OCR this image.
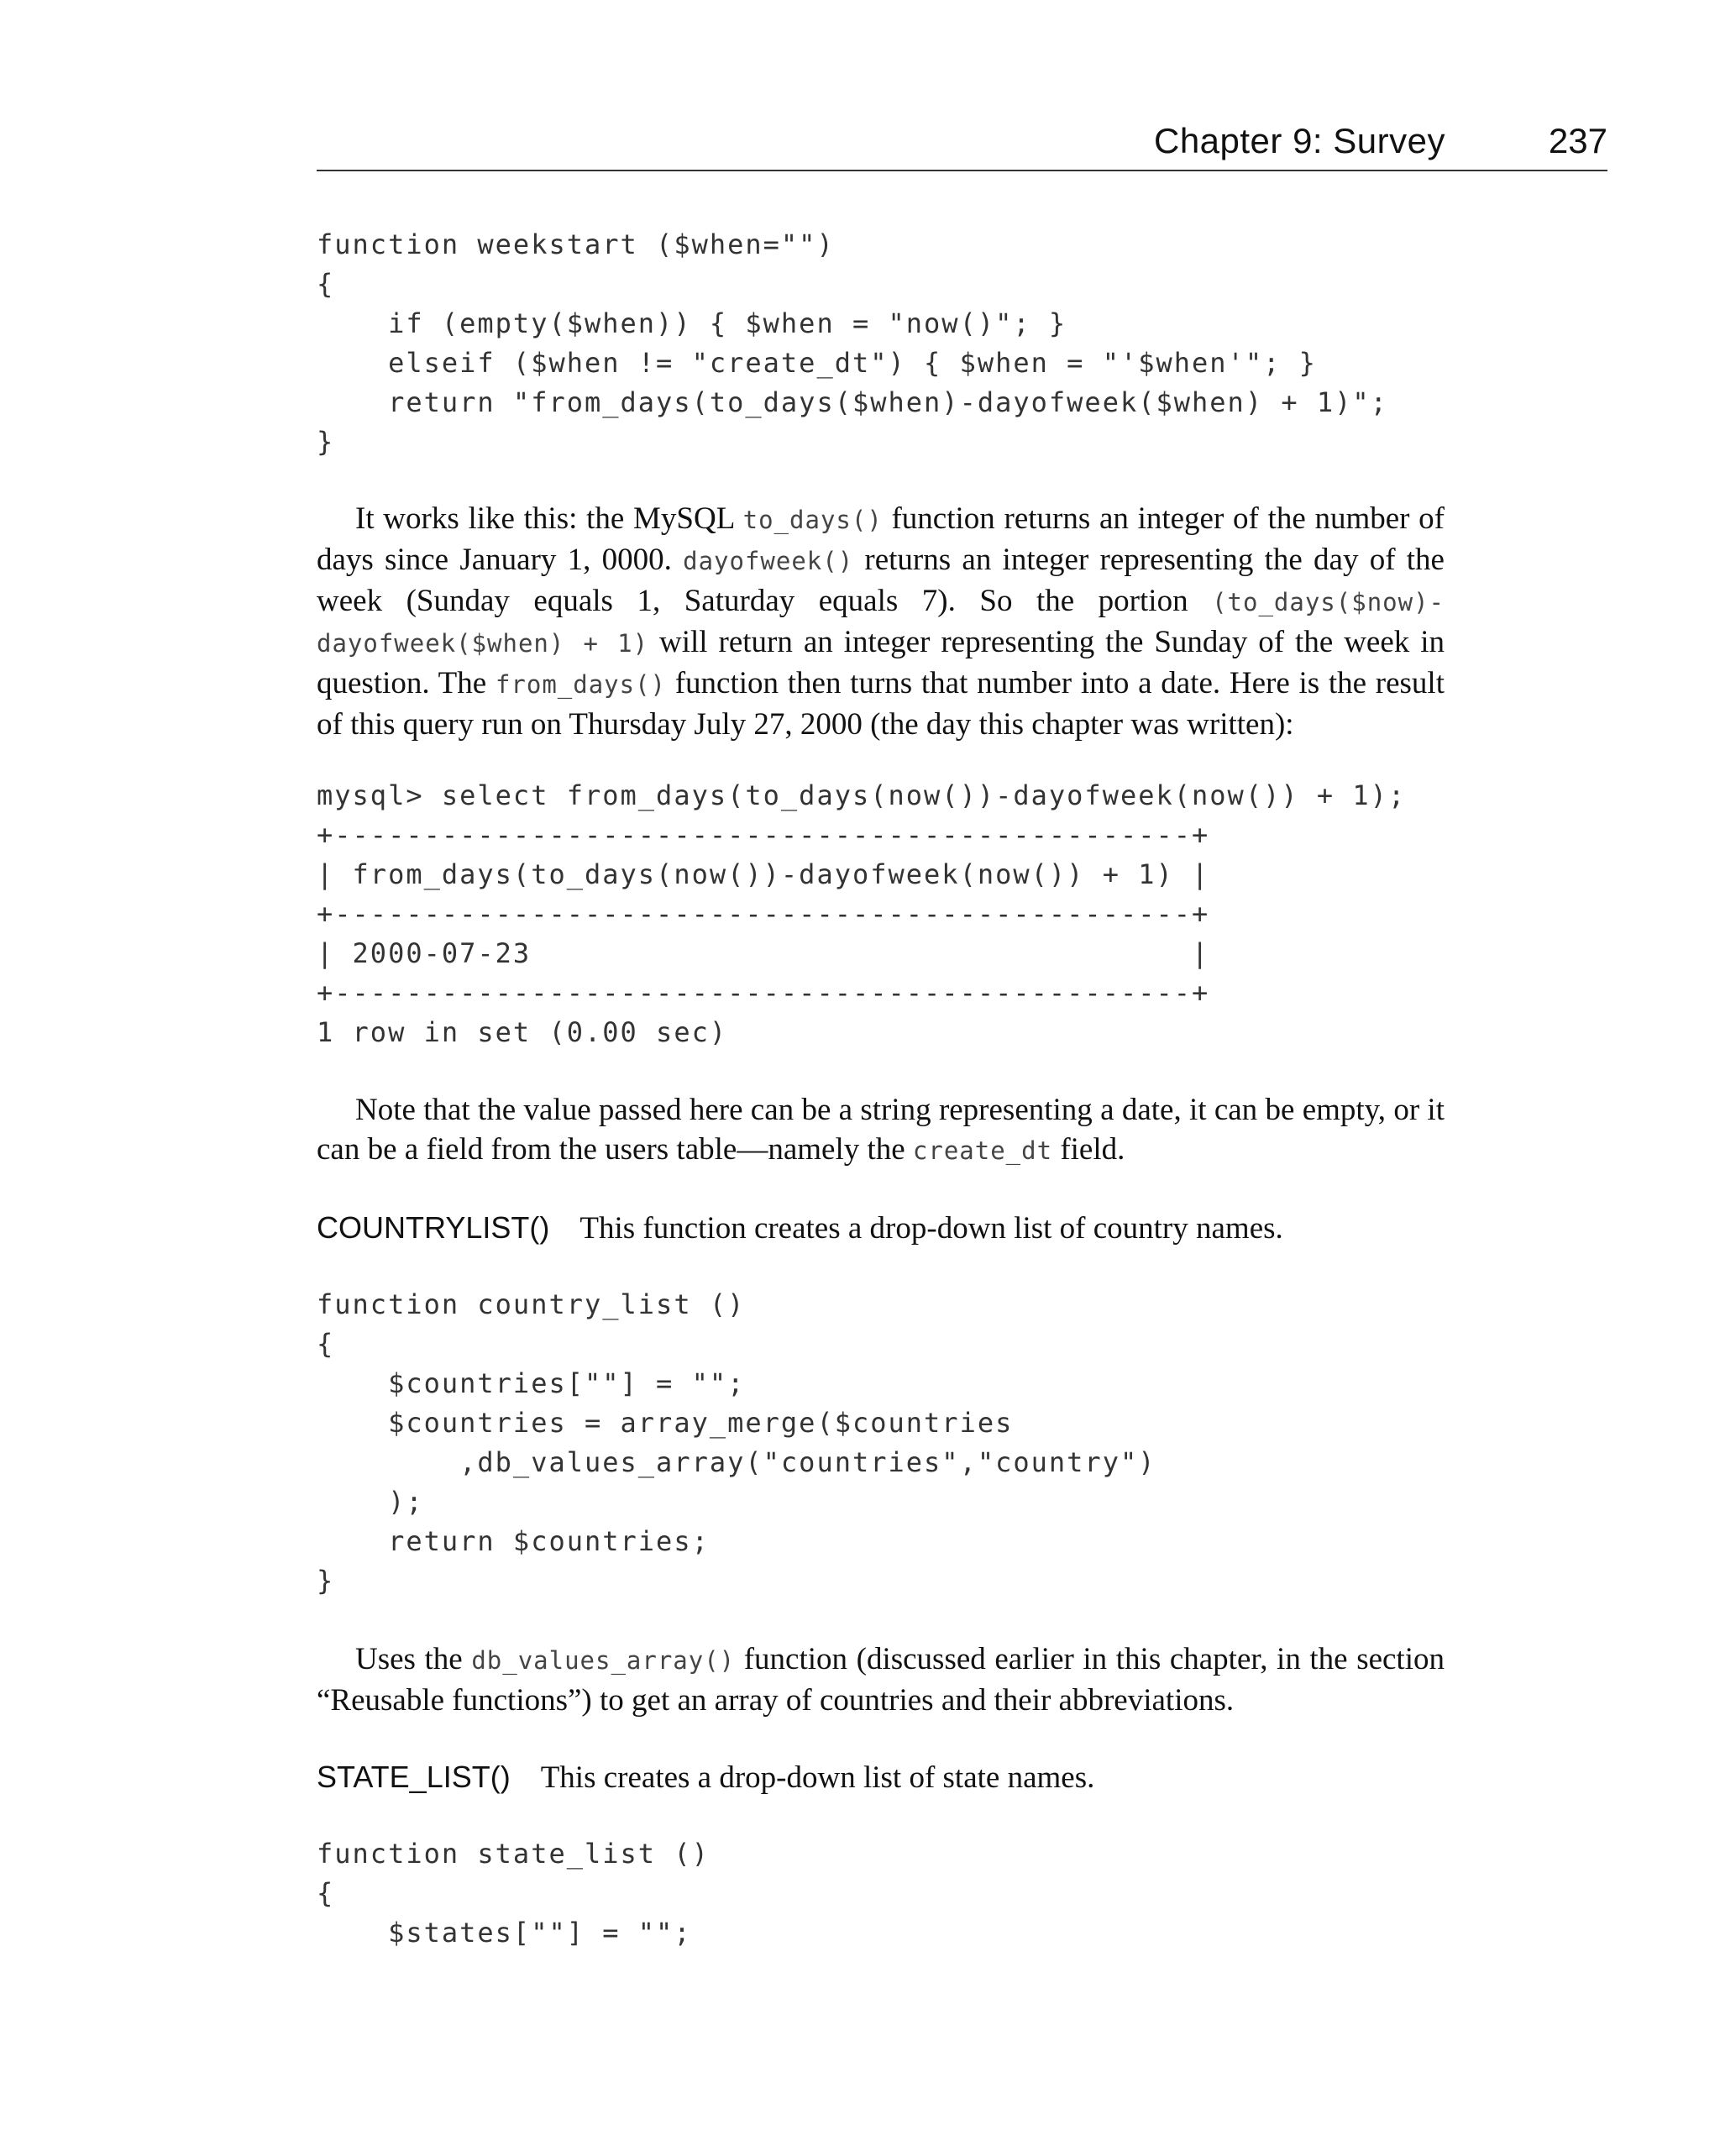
Chapter 9: Survey	237
function weekstart ($when="")
{
if (empty($when)) { $when = "now()"; }
elseif ($when != "create_dt") { $when = "'$when'"; }
return "from_days(to_days($when)-dayofweek($when) + 1)";
}

It works like this: the MySQL to_days() function returns an integer of the number of days since January 1, 0000. dayofweek() returns an integer representing the day of the week (Sunday equals 1, Saturday equals 7). So the portion (to_days($now)-dayofweek($when) + 1) will return an integer representing the Sunday of the week in question. The from_days() function then turns that number into a date. Here is the result of this query run on Thursday July 27, 2000 (the day this chapter was written):

mysql> select from_days(to_days(now())-dayofweek(now()) + 1);
+------------------------------------------------+
| from_days(to_days(now())-dayofweek(now()) + 1) |
+------------------------------------------------+
| 2000-07-23                                     |
+------------------------------------------------+
1 row in set (0.00 sec)

Note that the value passed here can be a string representing a date, it can be empty, or it can be a field from the users table—namely the create_dt field.

COUNTRYLIST() This function creates a drop-down list of country names.

function country_list ()
{
$countries[""] = "";
$countries = array_merge($countries
,db_values_array("countries","country")
);
return $countries;
}

Uses the db_values_array() function (discussed earlier in this chapter, in the section “Reusable functions”) to get an array of countries and their abbreviations.

STATE_LIST() This creates a drop-down list of state names.

function state_list ()
{
$states[""] = "";
